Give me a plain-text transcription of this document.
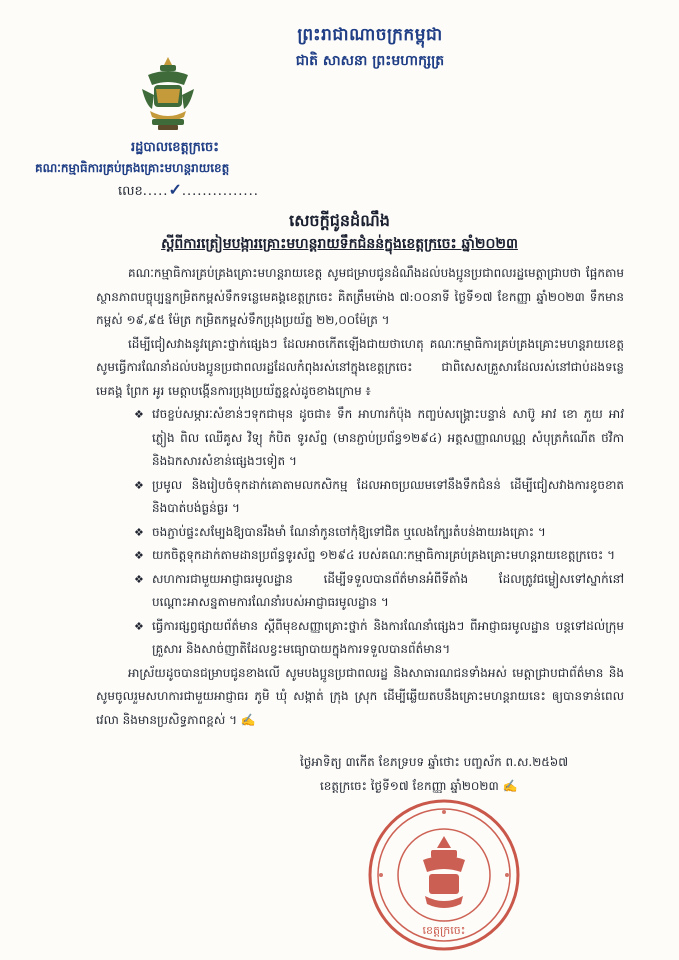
ព្រះរាជាណាចក្រកម្ពុជា
ជាតិ សាសនា ព្រះមហាក្សត្រ
រដ្ឋបាលខេត្តក្រចេះ
គណៈកម្មាធិការគ្រប់គ្រងគ្រោះមហន្តរាយខេត្ត
លេខ.....✓...............
សេចក្ដីជូនដំណឹង
ស្ដីពីការត្រៀមបង្ការគ្រោះមហន្តរាយទឹកជំនន់ក្នុងខេត្តក្រចេះ ឆ្នាំ២០២៣

គណៈកម្មាធិការគ្រប់គ្រងគ្រោះមហន្តរាយខេត្ត សូមជម្រាបជូនដំណឹងដល់បងប្អូនប្រជាពលរដ្ឋមេត្តាជ្រាបថា ផ្អែកតាមស្ថានភាពបច្ចុប្បន្នកម្រិតកម្ពស់ទឹកទន្លេមេគង្គខេត្តក្រចេះ គិតត្រឹមម៉ោង ៧:០០នាទី ថ្ងៃទី១៧ ខែកញ្ញា ឆ្នាំ២០២៣ ទឹកមានកម្ពស់ ១៩,៩៥ ម៉ែត្រ កម្រិតកម្ពស់ទឹកប្រុងប្រយ័ត្ន ២២,០០ម៉ែត្រ ។

ដើម្បីជៀសវាងនូវគ្រោះថ្នាក់ផ្សេងៗ ដែលអាចកើតឡើងជាយថាហេតុ គណៈកម្មាធិការគ្រប់គ្រងគ្រោះមហន្តរាយខេត្ត សូមធ្វើការណែនាំដល់បងប្អូនប្រជាពលរដ្ឋដែលកំពុងរស់នៅក្នុងខេត្តក្រចេះ ជាពិសេសគ្រួសារដែលរស់នៅជាប់ដងទន្លេមេគង្គ ព្រែក អូរ មេត្តាបង្កើនការប្រុងប្រយ័ត្នខ្ពស់ដូចខាងក្រោម ៖

❖ វេចខ្ចប់សម្ភារៈសំខាន់ៗទុកជាមុន ដូចជា៖ ទឹក អាហារកំប៉ុង កញ្ចប់សង្គ្រោះបន្ទាន់ សាប៊ូ អាវ ខោ ភួយ អាវភ្លៀង ពិល ឈើគូស វិទ្យុ កំបិត ទូរស័ព្ទ (មានភ្ជាប់ប្រព័ន្ធ១២៩៤) អត្តសញ្ញាណបណ្ណ សំបុត្រកំណើត ថវិកា និងឯកសារសំខាន់ផ្សេងៗទៀត ។
❖ ប្រមូល និងរៀបចំទុកដាក់គោតាមលកសិកម្ម ដែលអាចប្រឈមទៅនឹងទឹកជំនន់ ដើម្បីជៀសវាងការខូចខាត និងបាត់បង់ធ្ងន់ធ្ងរ ។
❖ ចងភ្ជាប់ផ្ទះសម្បែងឱ្យបានរឹងមាំ ណែនាំកូនចៅកុំឱ្យទៅជិត ឬលេងក្បែរតំបន់ងាយរងគ្រោះ ។
❖ យកចិត្តទុកដាក់តាមដានប្រព័ន្ធទូរស័ព្ទ ១២៩៤ របស់គណៈកម្មាធិការគ្រប់គ្រងគ្រោះមហន្តរាយខេត្តក្រចេះ ។
❖ សហការជាមួយអាជ្ញាធរមូលដ្ឋាន ដើម្បីទទួលបានព័ត៌មានអំពីទីតាំង ដែលត្រូវជម្លៀសទៅស្នាក់នៅបណ្ដោះអាសន្នតាមការណែនាំរបស់អាជ្ញាធរមូលដ្ឋាន ។
❖ ធ្វើការផ្សព្វផ្សាយព័ត៌មាន ស្ដីពីមុខសញ្ញាគ្រោះថ្នាក់ និងការណែនាំផ្សេងៗ ពីអាជ្ញាធរមូលដ្ឋាន បន្តទៅដល់ក្រុមគ្រួសារ និងសាច់ញាតិដែលខ្វះមធ្យោបាយក្នុងការទទួលបានព័ត៌មាន។

អាស្រ័យដូចបានជម្រាបជូនខាងលើ សូមបងប្អូនប្រជាពលរដ្ឋ និងសាធារណជនទាំងអស់ មេត្តាជ្រាបជាព័ត៌មាន និងសូមចូលរួមសហការជាមួយអាជ្ញាធរ ភូមិ ឃុំ សង្កាត់ ក្រុង ស្រុក ដើម្បីឆ្លើយតបនឹងគ្រោះមហន្តរាយនេះ ឲ្យបានទាន់ពេលវេលា និងមានប្រសិទ្ធភាពខ្ពស់ ។ ✍

ថ្ងៃអាទិត្យ ៣កើត ខែភទ្របទ ឆ្នាំថោះ បញ្ចស័ក ព.ស.២៥៦៧
ខេត្តក្រចេះ ថ្ងៃទី១៧ ខែកញ្ញា ឆ្នាំ២០២៣ ✍
ខេត្តក្រចេះ
